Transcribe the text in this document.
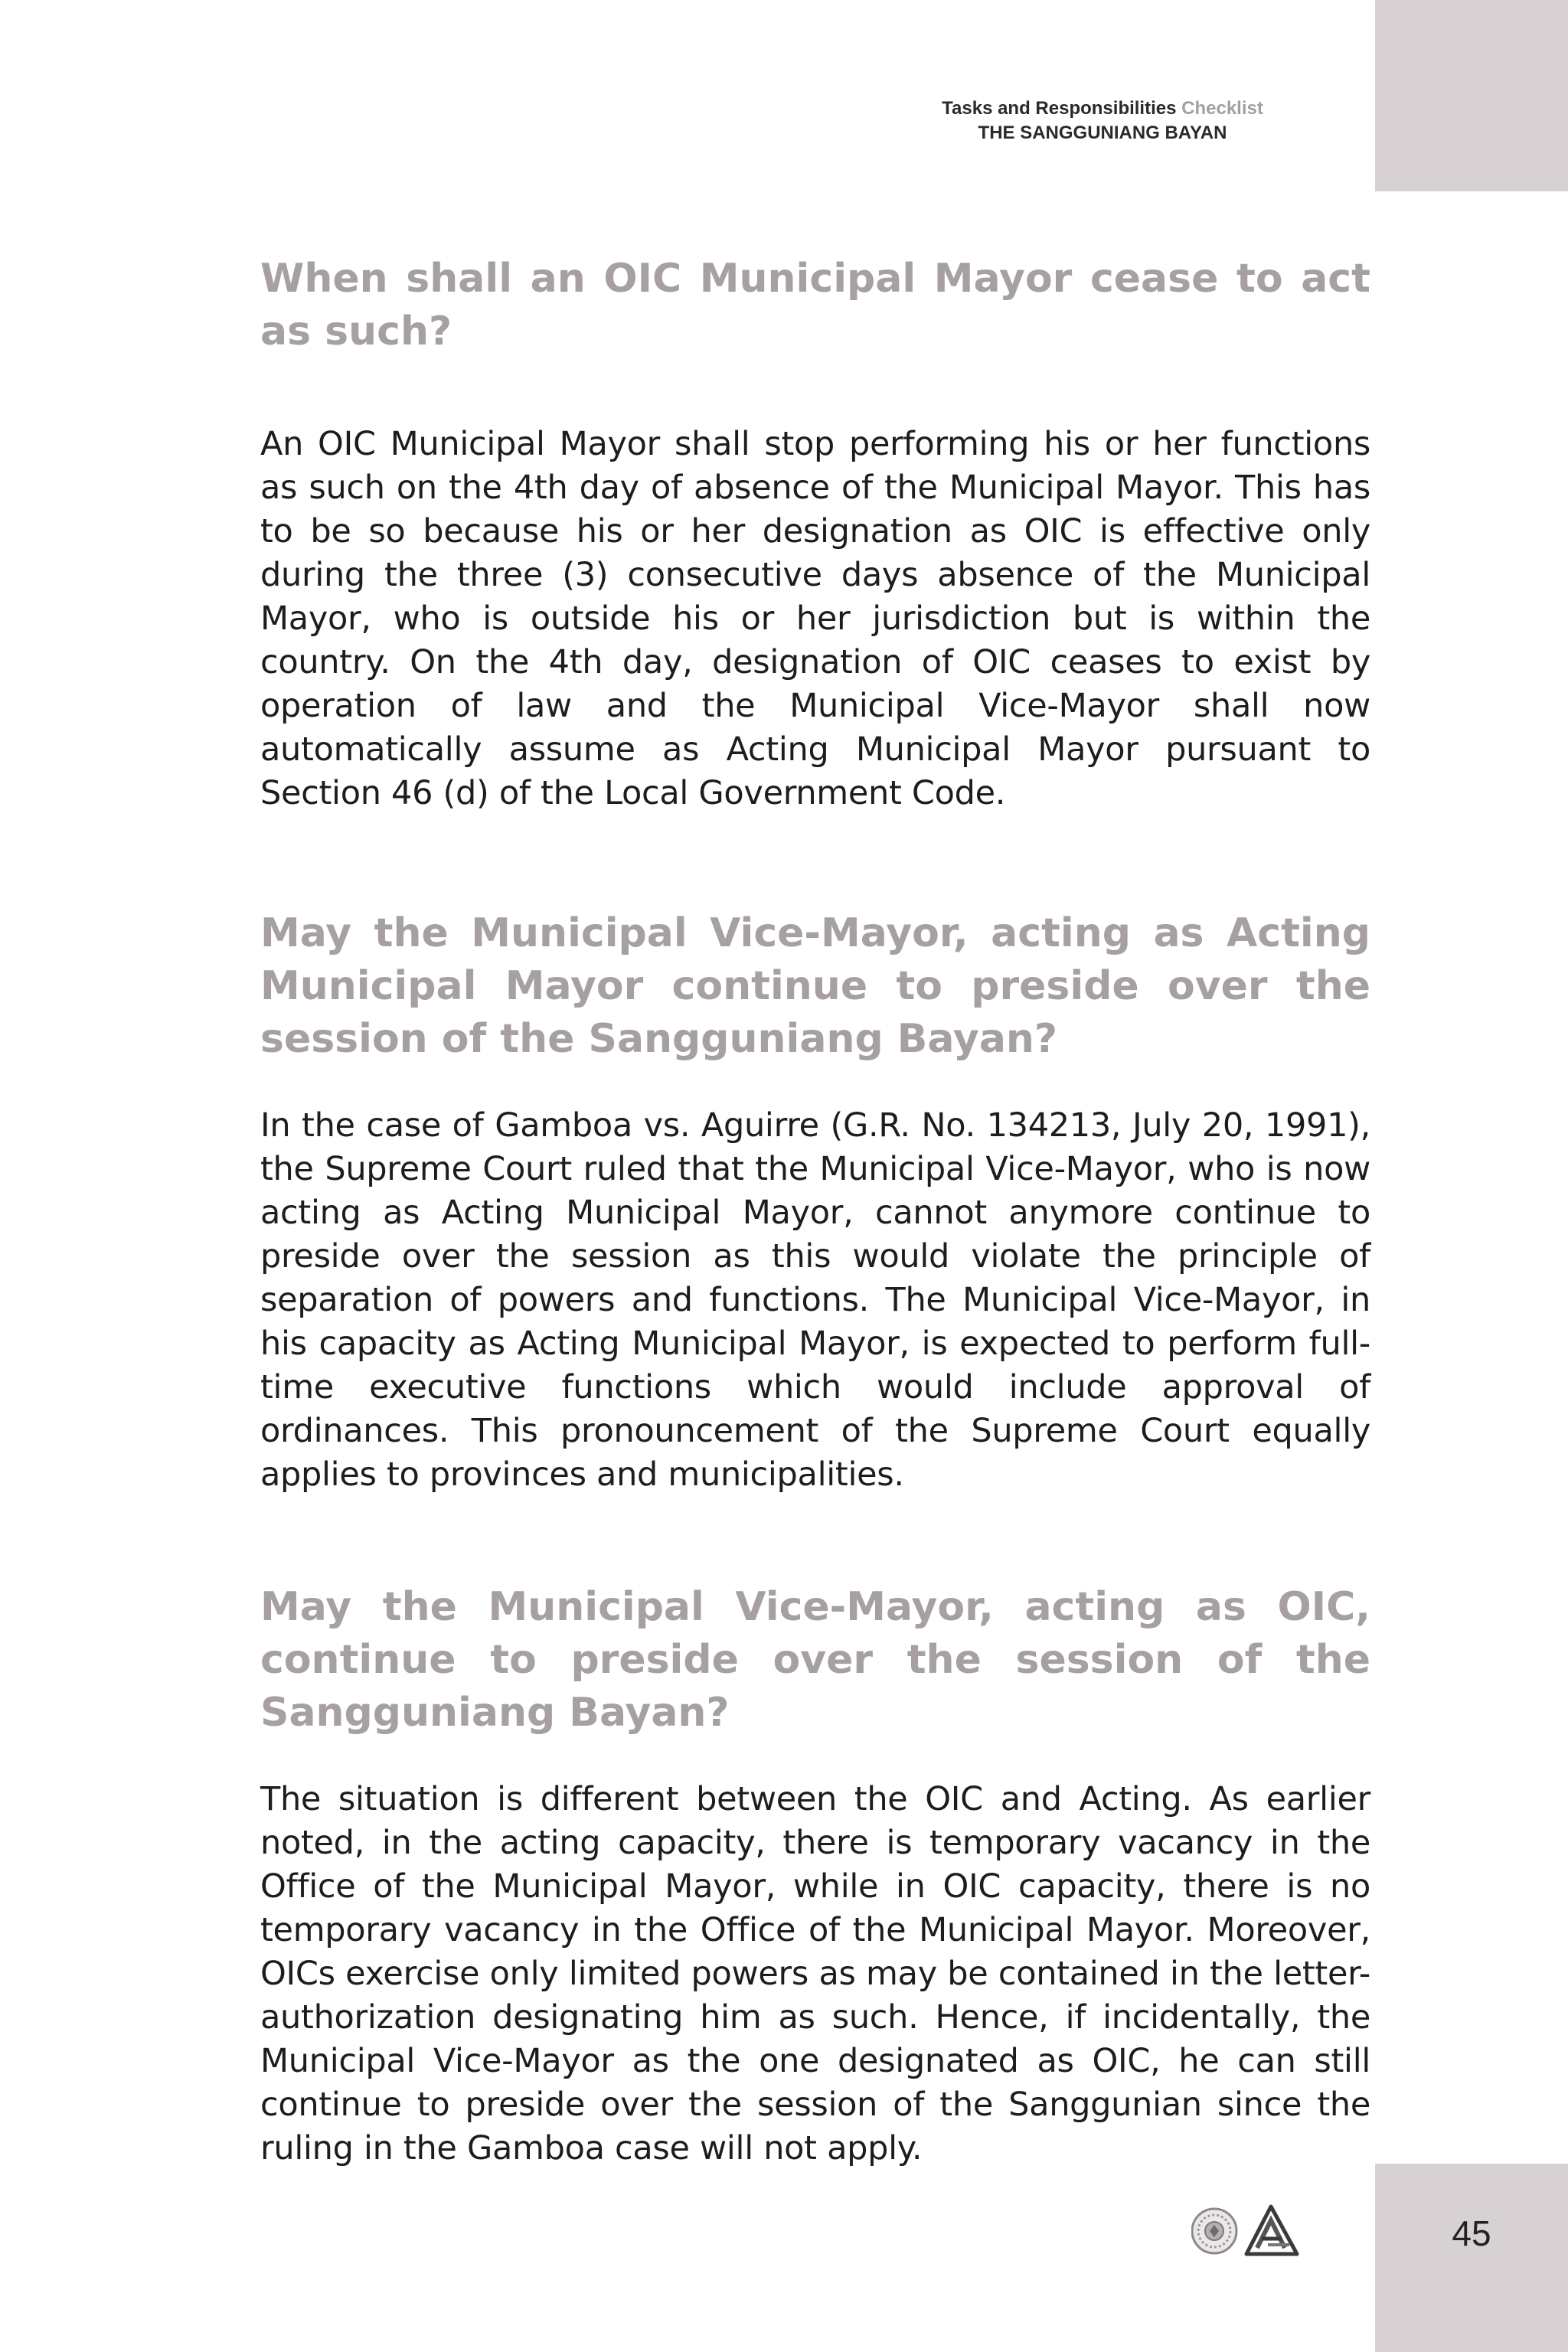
Tasks and Responsibilities Checklist
THE SANGGUNIANG BAYAN
When shall an OIC Municipal Mayor cease to act as such?

An OIC Municipal Mayor shall stop performing his or her functions as such on the 4th day of absence of the Municipal Mayor. This has to be so because his or her designation as OIC is effective only during the three (3) consecutive days absence of the Municipal Mayor, who is outside his or her jurisdiction but is within the country. On the 4th day, designation of OIC ceases to exist by operation of law and the Municipal Vice-Mayor shall now automatically assume as Acting Municipal Mayor pursuant to Section 46 (d) of the Local Government Code.

May the Municipal Vice-Mayor, acting as Acting Municipal Mayor continue to preside over the session of the Sangguniang Bayan?

In the case of Gamboa vs. Aguirre (G.R. No. 134213, July 20, 1991), the Supreme Court ruled that the Municipal Vice-Mayor, who is now acting as Acting Municipal Mayor, cannot anymore continue to preside over the session as this would violate the principle of separation of powers and functions. The Municipal Vice-Mayor, in his capacity as Acting Municipal Mayor, is expected to perform full-time executive functions which would include approval of ordinances. This pronouncement of the Supreme Court equally applies to provinces and municipalities.

May the Municipal Vice-Mayor, acting as OIC, continue to preside over the session of the Sangguniang Bayan?

The situation is different between the OIC and Acting. As earlier noted, in the acting capacity, there is temporary vacancy in the Office of the Municipal Mayor, while in OIC capacity, there is no temporary vacancy in the Office of the Municipal Mayor. Moreover, OICs exercise only limited powers as may be contained in the letter-authorization designating him as such. Hence, if incidentally, the Municipal Vice-Mayor as the one designated as OIC, he can still continue to preside over the session of the Sanggunian since the ruling in the Gamboa case will not apply.

45
